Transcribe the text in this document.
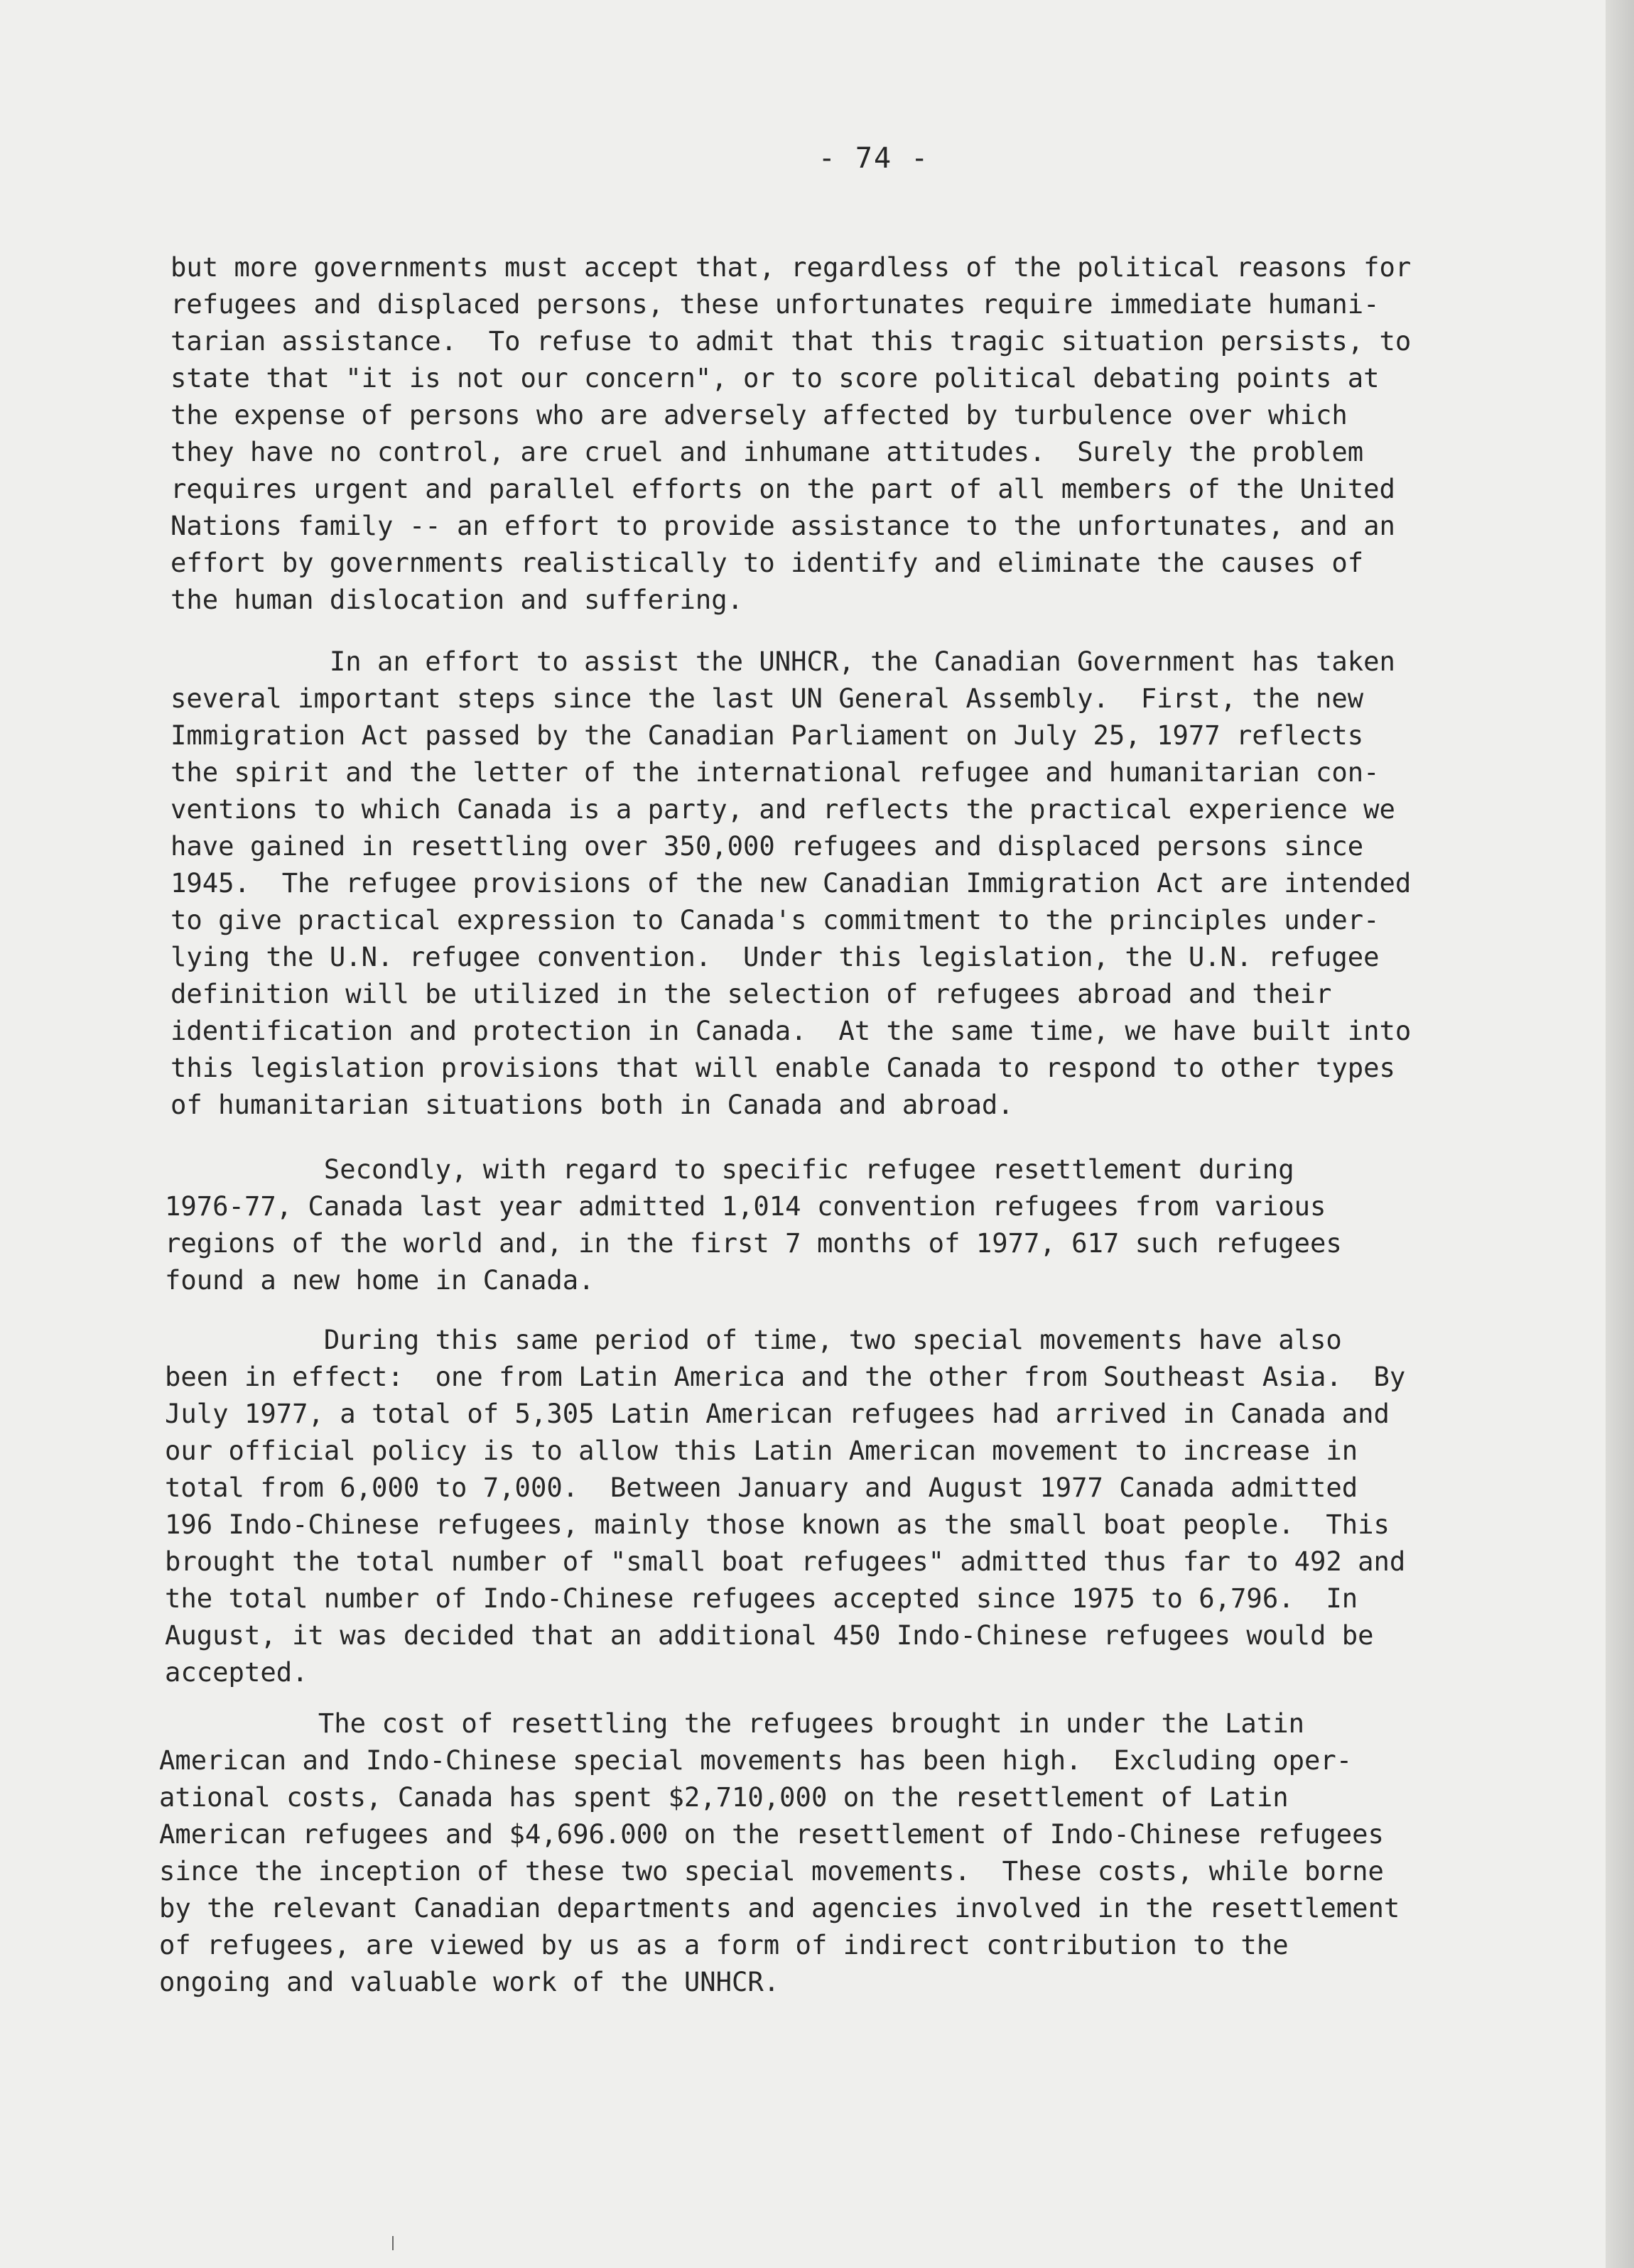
- 74 -
but more governments must accept that, regardless of the political reasons for
refugees and displaced persons, these unfortunates require immediate humani-
tarian assistance.  To refuse to admit that this tragic situation persists, to
state that "it is not our concern", or to score political debating points at
the expense of persons who are adversely affected by turbulence over which
they have no control, are cruel and inhumane attitudes.  Surely the problem
requires urgent and parallel efforts on the part of all members of the United
Nations family -- an effort to provide assistance to the unfortunates, and an
effort by governments realistically to identify and eliminate the causes of
the human dislocation and suffering.
In an effort to assist the UNHCR, the Canadian Government has taken
several important steps since the last UN General Assembly.  First, the new
Immigration Act passed by the Canadian Parliament on July 25, 1977 reflects
the spirit and the letter of the international refugee and humanitarian con-
ventions to which Canada is a party, and reflects the practical experience we
have gained in resettling over 350,000 refugees and displaced persons since
1945.  The refugee provisions of the new Canadian Immigration Act are intended
to give practical expression to Canada's commitment to the principles under-
lying the U.N. refugee convention.  Under this legislation, the U.N. refugee
definition will be utilized in the selection of refugees abroad and their
identification and protection in Canada.  At the same time, we have built into
this legislation provisions that will enable Canada to respond to other types
of humanitarian situations both in Canada and abroad.
Secondly, with regard to specific refugee resettlement during
1976-77, Canada last year admitted 1,014 convention refugees from various
regions of the world and, in the first 7 months of 1977, 617 such refugees
found a new home in Canada.
During this same period of time, two special movements have also
been in effect:  one from Latin America and the other from Southeast Asia.  By
July 1977, a total of 5,305 Latin American refugees had arrived in Canada and
our official policy is to allow this Latin American movement to increase in
total from 6,000 to 7,000.  Between January and August 1977 Canada admitted
196 Indo-Chinese refugees, mainly those known as the small boat people.  This
brought the total number of "small boat refugees" admitted thus far to 492 and
the total number of Indo-Chinese refugees accepted since 1975 to 6,796.  In
August, it was decided that an additional 450 Indo-Chinese refugees would be
accepted.
The cost of resettling the refugees brought in under the Latin
American and Indo-Chinese special movements has been high.  Excluding oper-
ational costs, Canada has spent $2,710,000 on the resettlement of Latin
American refugees and $4,696.000 on the resettlement of Indo-Chinese refugees
since the inception of these two special movements.  These costs, while borne
by the relevant Canadian departments and agencies involved in the resettlement
of refugees, are viewed by us as a form of indirect contribution to the
ongoing and valuable work of the UNHCR.
